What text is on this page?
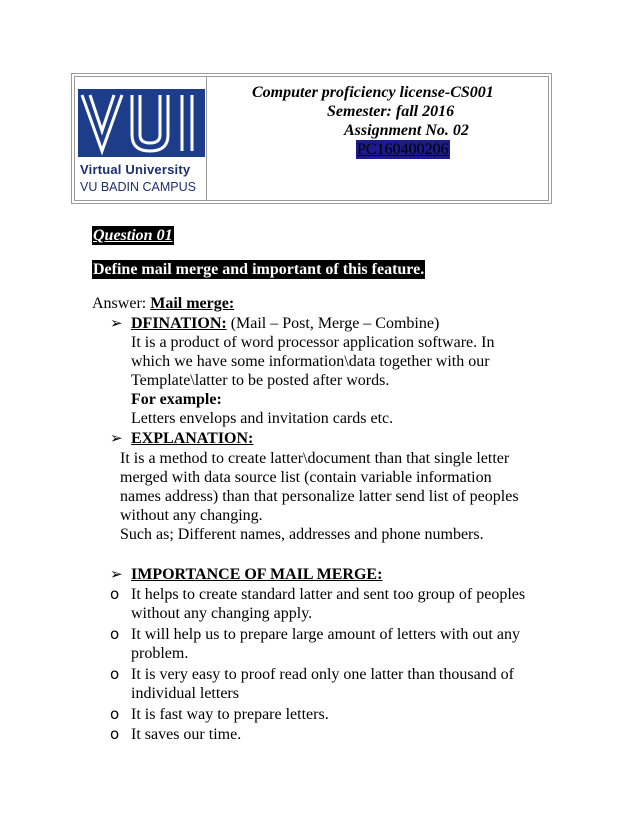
Virtual University
VU BADIN CAMPUS
Computer proficiency license-CS001
Semester: fall 2016
Assignment No. 02
PC160400206
Question 01
Define mail merge and important of this feature.
Answer: Mail merge:
➢ DFINATION: (Mail – Post, Merge – Combine)
It is a product of word processor application software. In
which we have some information\data together with our
Template\latter to be posted after words.
For example:
Letters envelops and invitation cards etc.
➢ EXPLANATION:
It is a method to create latter\document than that single letter
merged with data source list (contain variable information
names address) than that personalize latter send list of peoples
without any changing.
Such as; Different names, addresses and phone numbers.
➢ IMPORTANCE OF MAIL MERGE:
o It helps to create standard latter and sent too group of peoples
without any changing apply.
o It will help us to prepare large amount of letters with out any
problem.
o It is very easy to proof read only one latter than thousand of
individual letters
o It is fast way to prepare letters.
o It saves our time.
